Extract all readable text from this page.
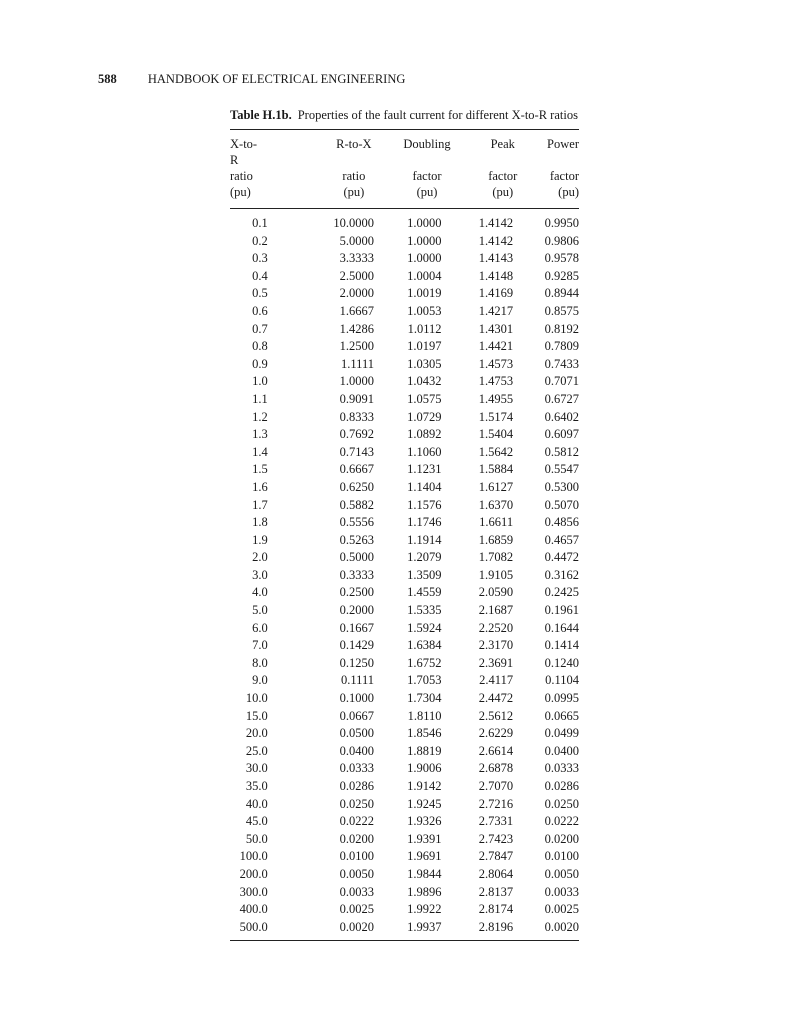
588 HANDBOOK OF ELECTRICAL ENGINEERING
Table H.1b. Properties of the fault current for different X-to-R ratios
X-to-R	R-to-X	Doubling	Peak	Power
ratio	ratio	factor	factor	factor
(pu)	(pu)	(pu)	(pu)	(pu)

0.1	10.0000	1.0000	1.4142	0.9950
0.2	5.0000	1.0000	1.4142	0.9806
0.3	3.3333	1.0000	1.4143	0.9578
0.4	2.5000	1.0004	1.4148	0.9285
0.5	2.0000	1.0019	1.4169	0.8944
0.6	1.6667	1.0053	1.4217	0.8575
0.7	1.4286	1.0112	1.4301	0.8192
0.8	1.2500	1.0197	1.4421	0.7809
0.9	1.1111	1.0305	1.4573	0.7433
1.0	1.0000	1.0432	1.4753	0.7071
1.1	0.9091	1.0575	1.4955	0.6727
1.2	0.8333	1.0729	1.5174	0.6402
1.3	0.7692	1.0892	1.5404	0.6097
1.4	0.7143	1.1060	1.5642	0.5812
1.5	0.6667	1.1231	1.5884	0.5547
1.6	0.6250	1.1404	1.6127	0.5300
1.7	0.5882	1.1576	1.6370	0.5070
1.8	0.5556	1.1746	1.6611	0.4856
1.9	0.5263	1.1914	1.6859	0.4657
2.0	0.5000	1.2079	1.7082	0.4472
3.0	0.3333	1.3509	1.9105	0.3162
4.0	0.2500	1.4559	2.0590	0.2425
5.0	0.2000	1.5335	2.1687	0.1961
6.0	0.1667	1.5924	2.2520	0.1644
7.0	0.1429	1.6384	2.3170	0.1414
8.0	0.1250	1.6752	2.3691	0.1240
9.0	0.1111	1.7053	2.4117	0.1104
10.0	0.1000	1.7304	2.4472	0.0995
15.0	0.0667	1.8110	2.5612	0.0665
20.0	0.0500	1.8546	2.6229	0.0499
25.0	0.0400	1.8819	2.6614	0.0400
30.0	0.0333	1.9006	2.6878	0.0333
35.0	0.0286	1.9142	2.7070	0.0286
40.0	0.0250	1.9245	2.7216	0.0250
45.0	0.0222	1.9326	2.7331	0.0222
50.0	0.0200	1.9391	2.7423	0.0200
100.0	0.0100	1.9691	2.7847	0.0100
200.0	0.0050	1.9844	2.8064	0.0050
300.0	0.0033	1.9896	2.8137	0.0033
400.0	0.0025	1.9922	2.8174	0.0025
500.0	0.0020	1.9937	2.8196	0.0020
